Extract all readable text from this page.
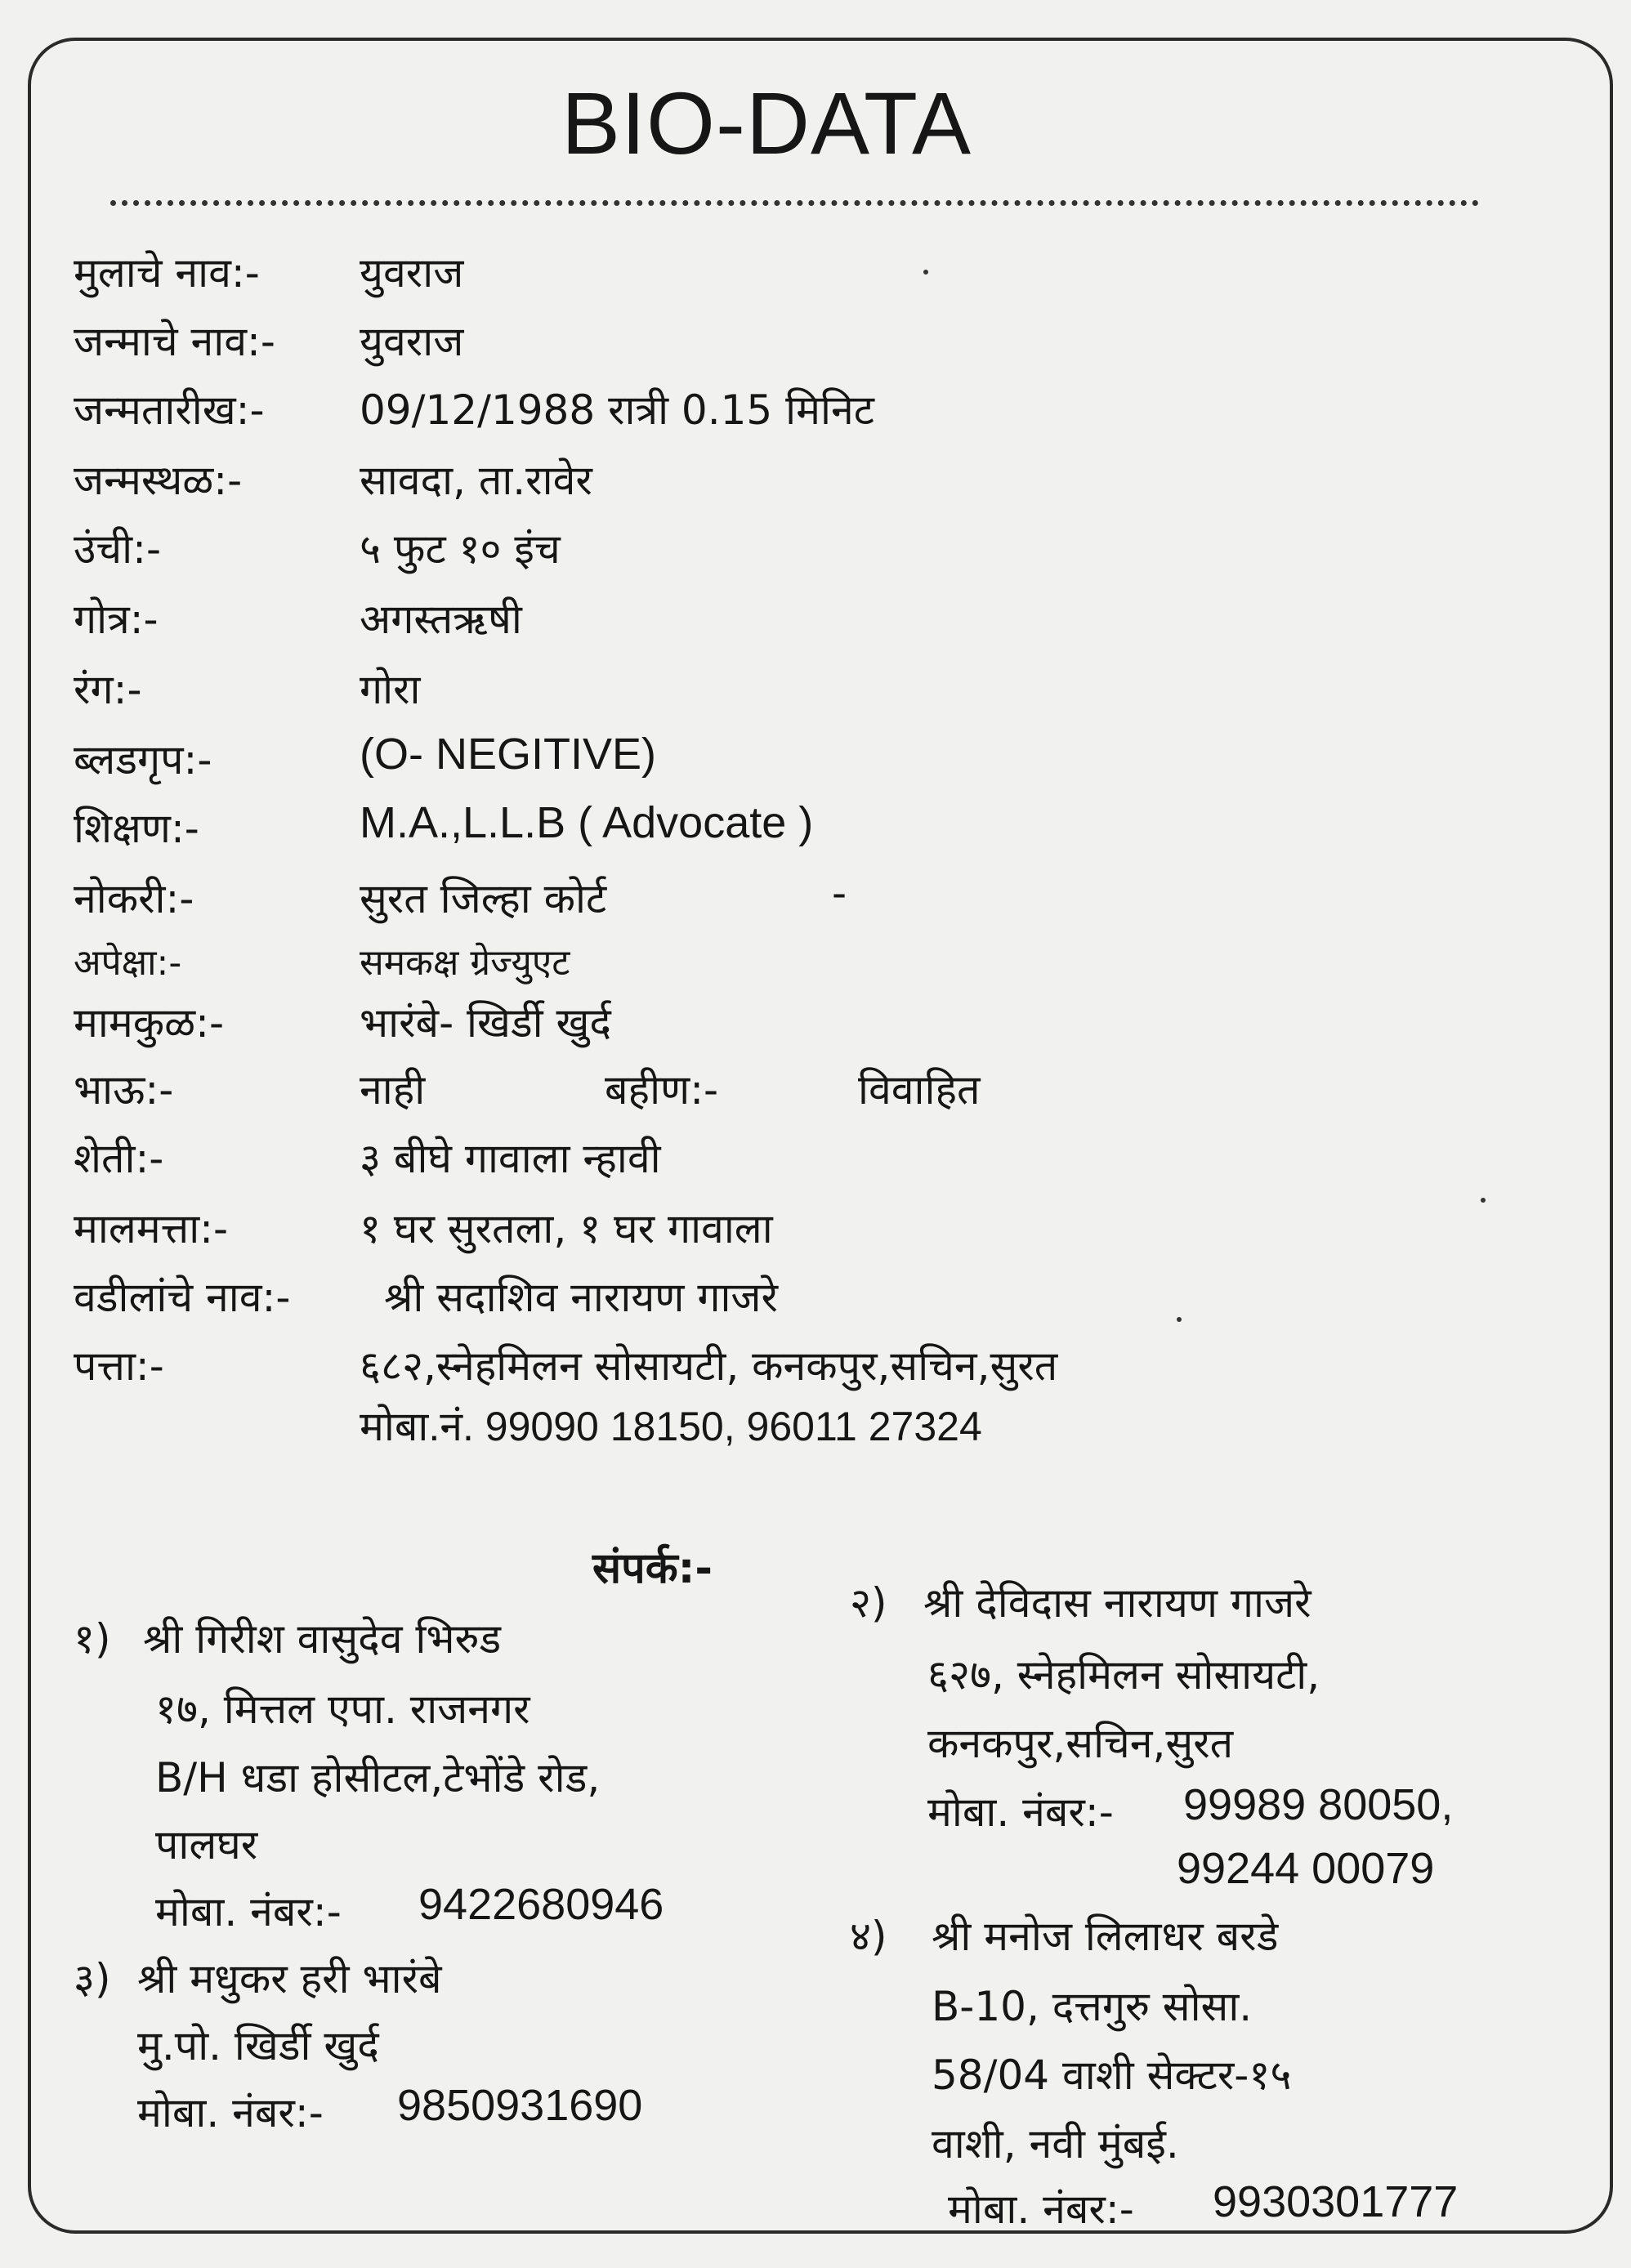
BIO-DATA
मुलाचे नाव:- युवराज
जन्माचे नाव:- युवराज
जन्मतारीख:- 09/12/1988 रात्री 0.15 मिनिट
जन्मस्थळ:-	सावदा, ता.रावेर
उंची:-	५ फुट १० इंच
गोत्र:-	अगस्तऋषी
रंग:-	गोरा
ब्लडगृप:-	(O- NEGITIVE)
शिक्षण:-	M.A.,L.L.B ( Advocate )
नोकरी:-	सुरत जिल्हा कोर्ट	-
अपेक्षा:-	समकक्ष ग्रेज्युएट
मामकुळ:-	भारंबे- खिर्डी खुर्द
भाऊ:-	नाही	बहीण:-	विवाहित
शेती:-	३ बीघे गावाला न्हावी
मालमत्ता:-	१ घर सुरतला, १ घर गावाला
वडीलांचे नाव:- श्री सदाशिव नारायण गाजरे
पत्ता:-	६८२,स्नेहमिलन सोसायटी, कनकपुर,सचिन,सुरत
मोबा.नं. 99090 18150, 96011 27324
संपर्क:-
१) श्री गिरीश वासुदेव भिरुड
१७, मित्तल एपा. राजनगर
B/H धडा होसीटल,टेभोंडे रोड,
पालघर
मोबा. नंबर:- 9422680946
३) श्री मधुकर हरी भारंबे
मु.पो. खिर्डी खुर्द
मोबा. नंबर:- 9850931690
२) श्री देविदास नारायण गाजरे
६२७, स्नेहमिलन सोसायटी,
कनकपुर,सचिन,सुरत
मोबा. नंबर:- 99989 80050,
99244 00079
४) श्री मनोज लिलाधर बरडे
B-10, दत्तगुरु सोसा.
58/04 वाशी सेक्टर-१५
वाशी, नवी मुंबई.
मोबा. नंबर:- 9930301777
